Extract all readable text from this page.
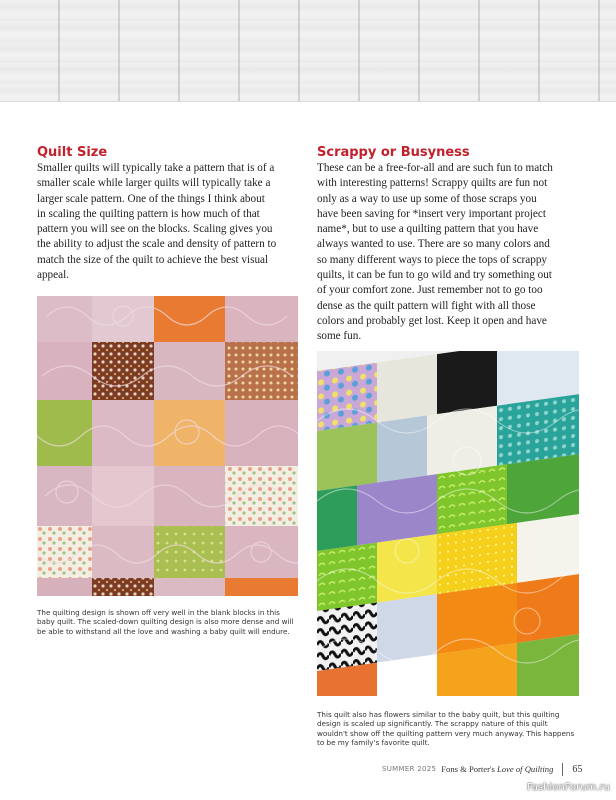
Quilt Size
Smaller quilts will typically take a pattern that is of a
smaller scale while larger quilts will typically take a
larger scale pattern. One of the things I think about
in scaling the quilting pattern is how much of that
pattern you will see on the blocks. Scaling gives you
the ability to adjust the scale and density of pattern to
match the size of the quilt to achieve the best visual
appeal.
The quilting design is shown off very well in the blank blocks in this
baby quilt. The scaled-down quilting design is also more dense and will
be able to withstand all the love and washing a baby quilt will endure.
Scrappy or Busyness
These can be a free-for-all and are such fun to match
with interesting patterns! Scrappy quilts are fun not
only as a way to use up some of those scraps you
have been saving for *insert very important project
name*, but to use a quilting pattern that you have
always wanted to use. There are so many colors and
so many different ways to piece the tops of scrappy
quilts, it can be fun to go wild and try something out
of your comfort zone. Just remember not to go too
dense as the quilt pattern will fight with all those
colors and probably get lost. Keep it open and have
some fun.
This quilt also has flowers similar to the baby quilt, but this quilting
design is scaled up significantly. The scrappy nature of this quilt
wouldn't show off the quilting pattern very much anyway. This happens
to be my family's favorite quilt.
SUMMER 2025 Fons & Porter's Love of Quilting 65
FashionForum.ru
